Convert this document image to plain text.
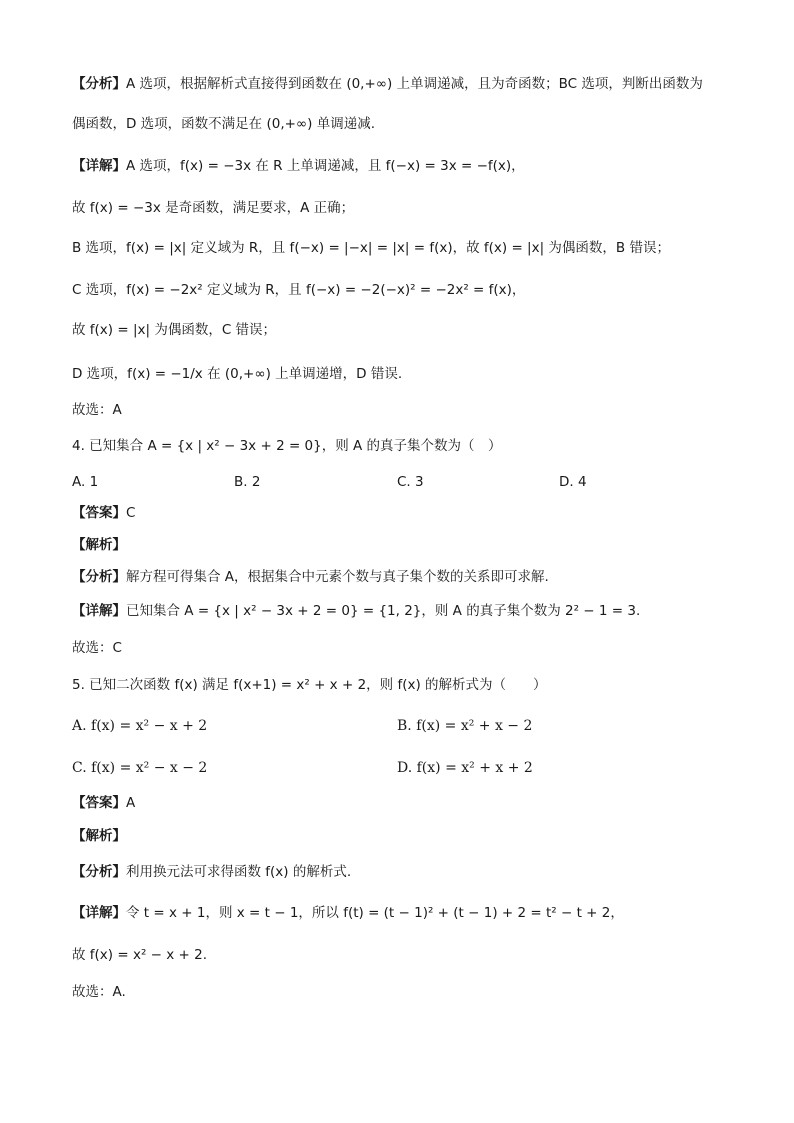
【分析】A 选项，根据解析式直接得到函数在 (0,+∞) 上单调递减，且为奇函数；BC 选项，判断出函数为
偶函数，D 选项，函数不满足在 (0,+∞) 单调递减.
【详解】A 选项，f(x) = −3x 在 R 上单调递减，且 f(−x) = 3x = −f(x)，
故 f(x) = −3x 是奇函数，满足要求，A 正确；
B 选项，f(x) = |x| 定义域为 R，且 f(−x) = |−x| = |x| = f(x)，故 f(x) = |x| 为偶函数，B 错误；
C 选项，f(x) = −2x² 定义域为 R，且 f(−x) = −2(−x)² = −2x² = f(x)，
故 f(x) = |x| 为偶函数，C 错误；
D 选项，f(x) = −1/x 在 (0,+∞) 上单调递增，D 错误.
故选：A
4. 已知集合 A = {x | x² − 3x + 2 = 0}，则 A 的真子集个数为（　）
A. 1	B. 2	C. 3	D. 4
【答案】C
【解析】
【分析】解方程可得集合 A，根据集合中元素个数与真子集个数的关系即可求解.
【详解】已知集合 A = {x | x² − 3x + 2 = 0} = {1, 2}，则 A 的真子集个数为 2² − 1 = 3.
故选：C
5. 已知二次函数 f(x) 满足 f(x+1) = x² + x + 2，则 f(x) 的解析式为（　　）
A. f(x) = x² − x + 2	B. f(x) = x² + x − 2
C. f(x) = x² − x − 2	D. f(x) = x² + x + 2
【答案】A
【解析】
【分析】利用换元法可求得函数 f(x) 的解析式.
【详解】令 t = x + 1，则 x = t − 1，所以 f(t) = (t − 1)² + (t − 1) + 2 = t² − t + 2，
故 f(x) = x² − x + 2.
故选：A.
